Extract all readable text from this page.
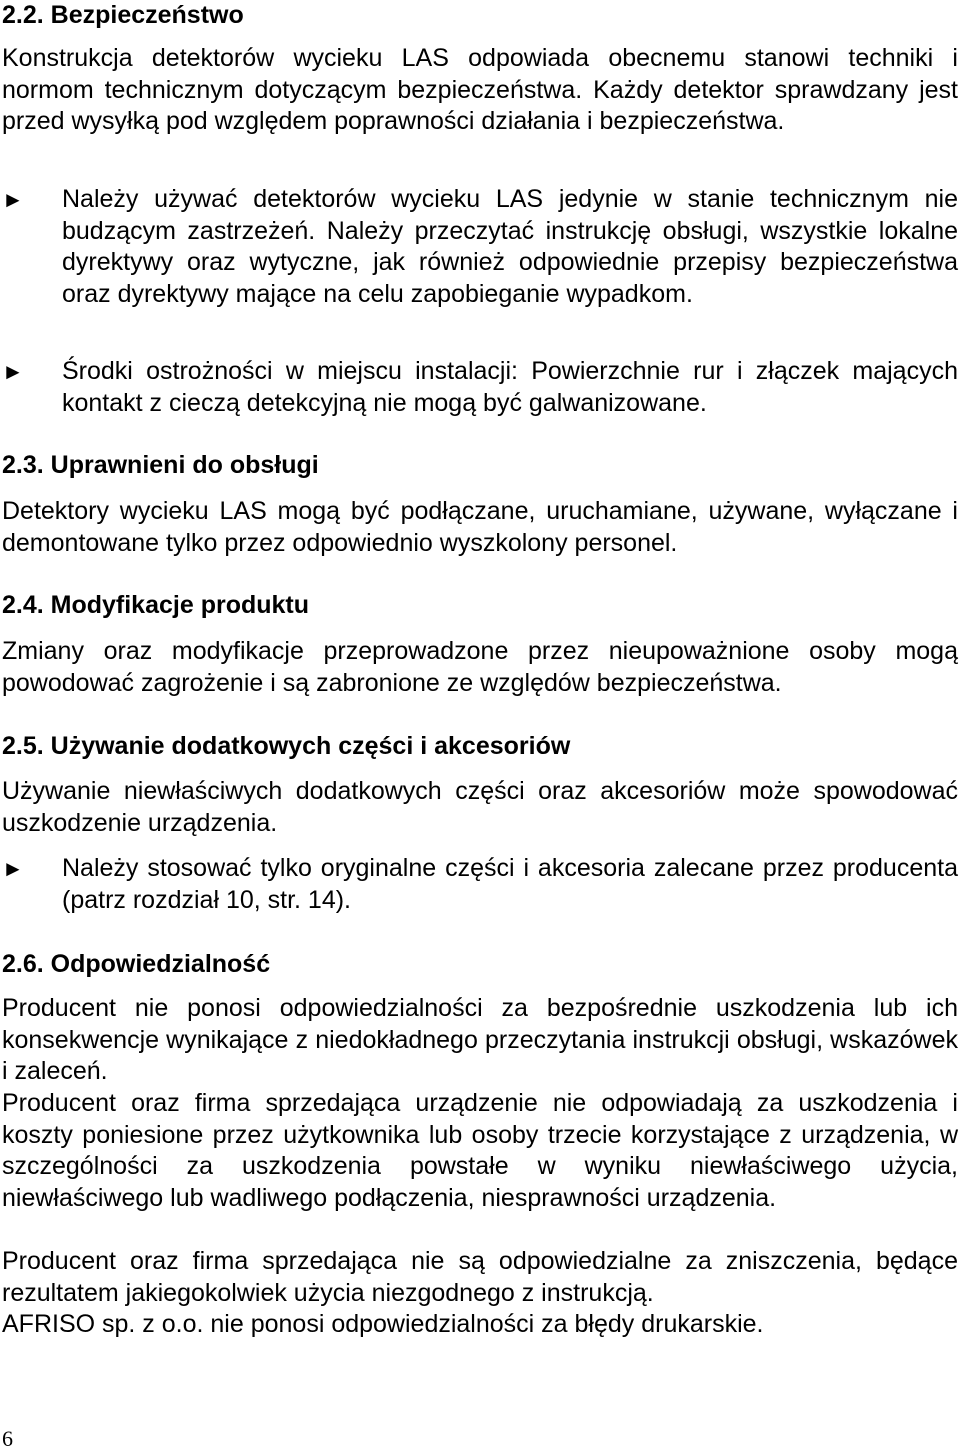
2.2. Bezpieczeństwo
Konstrukcja detektorów wycieku LAS odpowiada obecnemu stanowi techniki i normom technicznym dotyczącym bezpieczeństwa. Każdy detektor sprawdzany jest przed wysyłką pod względem poprawności działania i bezpieczeństwa.
► Należy używać detektorów wycieku LAS jedynie w stanie technicznym nie budzącym zastrzeżeń. Należy przeczytać instrukcję obsługi, wszystkie lokalne dyrektywy oraz wytyczne, jak również odpowiednie przepisy bezpieczeństwa oraz dyrektywy mające na celu zapobieganie wypadkom.
► Środki ostrożności w miejscu instalacji: Powierzchnie rur i złączek mających kontakt z cieczą detekcyjną nie mogą być galwanizowane.
2.3. Uprawnieni do obsługi
Detektory wycieku LAS mogą być podłączane, uruchamiane, używane, wyłączane i demontowane tylko przez odpowiednio wyszkolony personel.
2.4. Modyfikacje produktu
Zmiany oraz modyfikacje przeprowadzone przez nieupoważnione osoby mogą powodować zagrożenie i są zabronione ze względów bezpieczeństwa.
2.5. Używanie dodatkowych części i akcesoriów
Używanie niewłaściwych dodatkowych części oraz akcesoriów może spowodować uszkodzenie urządzenia.
► Należy stosować tylko oryginalne części i akcesoria zalecane przez producenta (patrz rozdział 10, str. 14).
2.6. Odpowiedzialność
Producent nie ponosi odpowiedzialności za bezpośrednie uszkodzenia lub ich konsekwencje wynikające z niedokładnego przeczytania instrukcji obsługi, wskazówek i zaleceń.
Producent oraz firma sprzedająca urządzenie nie odpowiadają za uszkodzenia i koszty poniesione przez użytkownika lub osoby trzecie korzystające z urządzenia, w szczególności za uszkodzenia powstałe w wyniku niewłaściwego użycia, niewłaściwego lub wadliwego podłączenia, niesprawności urządzenia.
Producent oraz firma sprzedająca nie są odpowiedzialne za zniszczenia, będące rezultatem jakiegokolwiek użycia niezgodnego z instrukcją.
AFRISO sp. z o.o. nie ponosi odpowiedzialności za błędy drukarskie.
6
